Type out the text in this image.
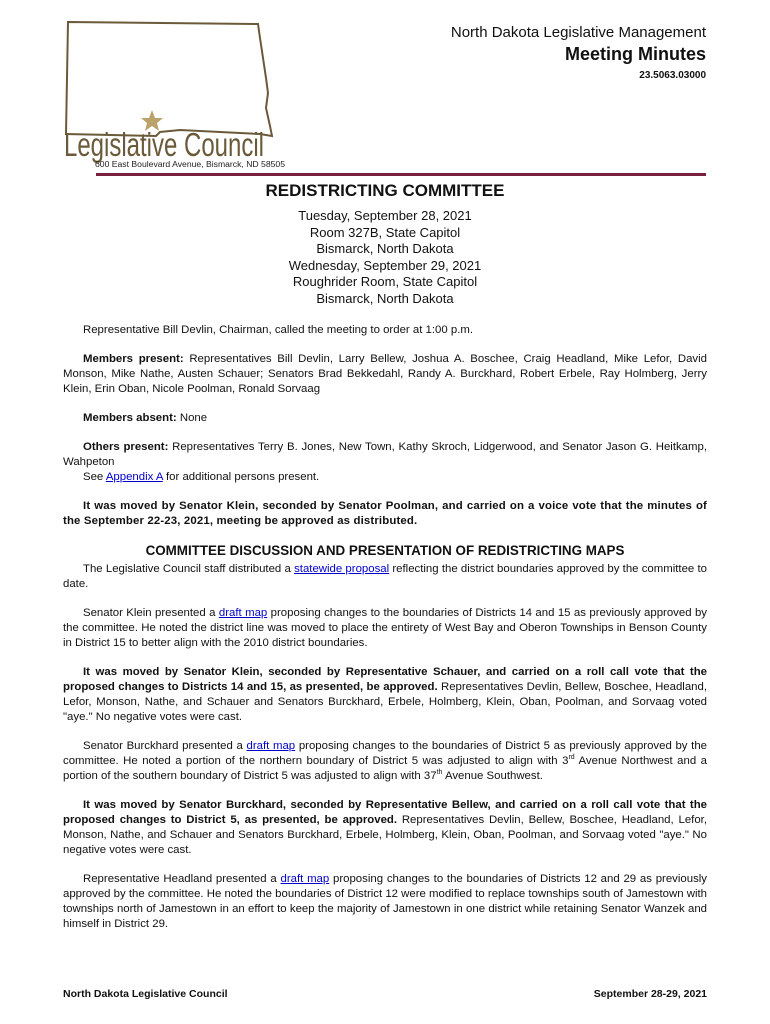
Legislative Council
600 East Boulevard Avenue, Bismarck, ND 58505
North Dakota Legislative Management
Meeting Minutes
23.5063.03000
REDISTRICTING COMMITTEE
Tuesday, September 28, 2021
Room 327B, State Capitol
Bismarck, North Dakota
Wednesday, September 29, 2021
Roughrider Room, State Capitol
Bismarck, North Dakota

Representative Bill Devlin, Chairman, called the meeting to order at 1:00 p.m.

Members present: Representatives Bill Devlin, Larry Bellew, Joshua A. Boschee, Craig Headland, Mike Lefor, David Monson, Mike Nathe, Austen Schauer; Senators Brad Bekkedahl, Randy A. Burckhard, Robert Erbele, Ray Holmberg, Jerry Klein, Erin Oban, Nicole Poolman, Ronald Sorvaag

Members absent: None

Others present: Representatives Terry B. Jones, New Town, Kathy Skroch, Lidgerwood, and Senator Jason G. Heitkamp, Wahpeton

See Appendix A for additional persons present.

It was moved by Senator Klein, seconded by Senator Poolman, and carried on a voice vote that the minutes of the September 22-23, 2021, meeting be approved as distributed.

COMMITTEE DISCUSSION AND PRESENTATION OF REDISTRICTING MAPS

The Legislative Council staff distributed a statewide proposal reflecting the district boundaries approved by the committee to date.

Senator Klein presented a draft map proposing changes to the boundaries of Districts 14 and 15 as previously approved by the committee. He noted the district line was moved to place the entirety of West Bay and Oberon Townships in Benson County in District 15 to better align with the 2010 district boundaries.

It was moved by Senator Klein, seconded by Representative Schauer, and carried on a roll call vote that the proposed changes to Districts 14 and 15, as presented, be approved. Representatives Devlin, Bellew, Boschee, Headland, Lefor, Monson, Nathe, and Schauer and Senators Burckhard, Erbele, Holmberg, Klein, Oban, Poolman, and Sorvaag voted "aye." No negative votes were cast.

Senator Burckhard presented a draft map proposing changes to the boundaries of District 5 as previously approved by the committee. He noted a portion of the northern boundary of District 5 was adjusted to align with 3rd Avenue Northwest and a portion of the southern boundary of District 5 was adjusted to align with 37th Avenue Southwest.

It was moved by Senator Burckhard, seconded by Representative Bellew, and carried on a roll call vote that the proposed changes to District 5, as presented, be approved. Representatives Devlin, Bellew, Boschee, Headland, Lefor, Monson, Nathe, and Schauer and Senators Burckhard, Erbele, Holmberg, Klein, Oban, Poolman, and Sorvaag voted "aye." No negative votes were cast.

Representative Headland presented a draft map proposing changes to the boundaries of Districts 12 and 29 as previously approved by the committee. He noted the boundaries of District 12 were modified to replace townships south of Jamestown with townships north of Jamestown in an effort to keep the majority of Jamestown in one district while retaining Senator Wanzek and himself in District 29.

North Dakota Legislative Council	September 28-29, 2021
